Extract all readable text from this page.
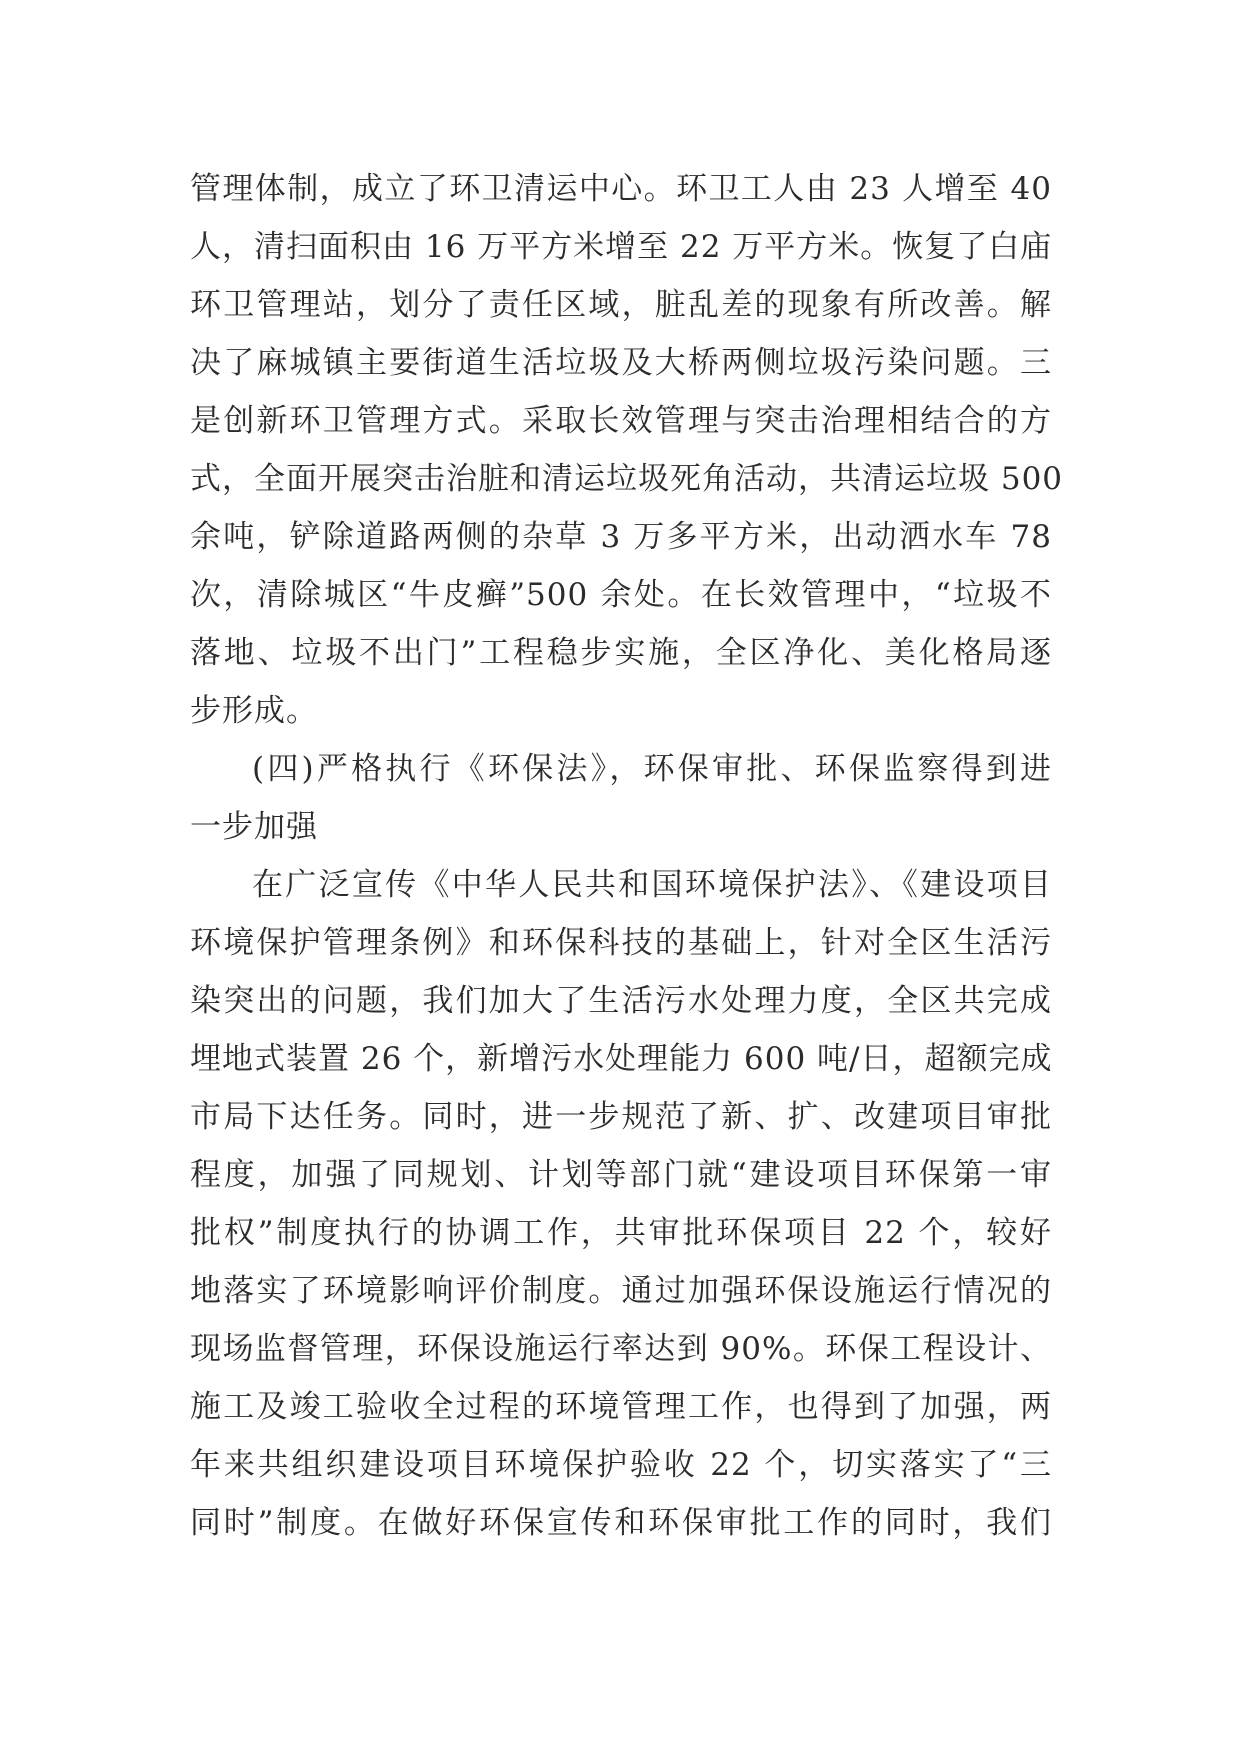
管理体制，成立了环卫清运中心。环卫工人由 23 人增至 40
人，清扫面积由 16 万平方米增至 22 万平方米。恢复了白庙
环卫管理站，划分了责任区域，脏乱差的现象有所改善。解
决了麻城镇主要街道生活垃圾及大桥两侧垃圾污染问题。三
是创新环卫管理方式。采取长效管理与突击治理相结合的方
式，全面开展突击治脏和清运垃圾死角活动，共清运垃圾 500
余吨，铲除道路两侧的杂草 3 万多平方米，出动洒水车 78
次，清除城区“牛皮癣”500 余处。在长效管理中，“垃圾不
落地、垃圾不出门”工程稳步实施，全区净化、美化格局逐
步形成。
(四)严格执行《环保法》，环保审批、环保监察得到进
一步加强
在广泛宣传《中华人民共和国环境保护法》、《建设项目
环境保护管理条例》和环保科技的基础上，针对全区生活污
染突出的问题，我们加大了生活污水处理力度，全区共完成
埋地式装置 26 个，新增污水处理能力 600 吨/日，超额完成
市局下达任务。同时，进一步规范了新、扩、改建项目审批
程度，加强了同规划、计划等部门就“建设项目环保第一审
批权”制度执行的协调工作，共审批环保项目 22 个，较好
地落实了环境影响评价制度。通过加强环保设施运行情况的
现场监督管理，环保设施运行率达到 90%。环保工程设计、
施工及竣工验收全过程的环境管理工作，也得到了加强，两
年来共组织建设项目环境保护验收 22 个，切实落实了“三
同时”制度。在做好环保宣传和环保审批工作的同时，我们
